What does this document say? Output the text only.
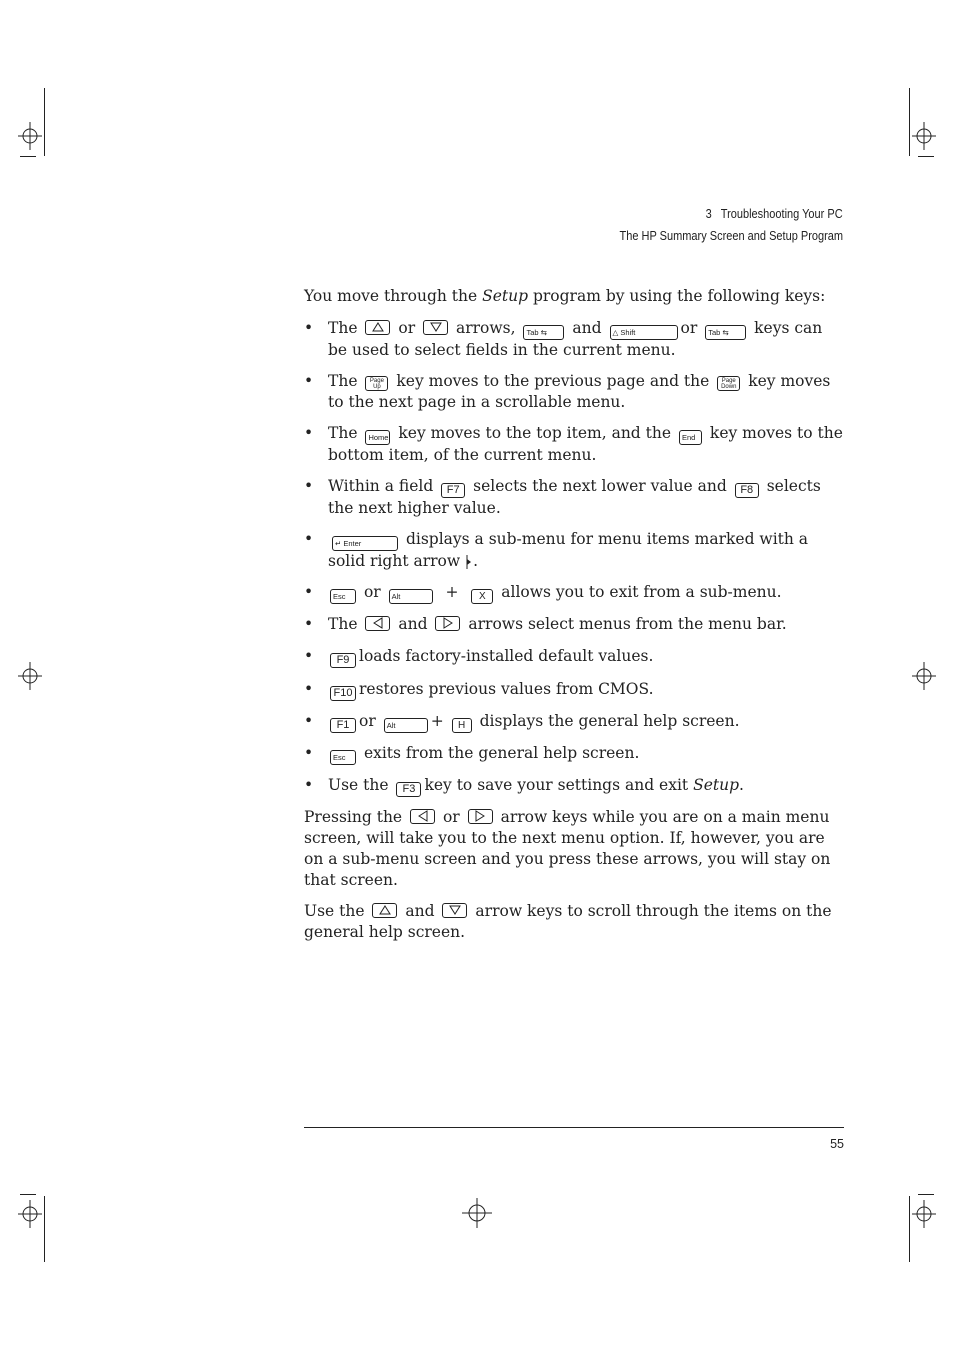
3   Troubleshooting Your PC
The HP Summary Screen and Setup Program

You move through the Setup program by using the following keys:

• The	or	arrows, Tab ⇆ and △ Shift	or Tab ⇆ keys can be used to select fields in the current menu.
• The Page Up key moves to the previous page and the Page Down key moves to the next page in a scrollable menu.
• The Home key moves to the top item, and the End key moves to the bottom item, of the current menu.
• Within a field F7 selects the next lower value and F8 selects the next higher value.
• ↵ Enter	displays a sub-menu for menu items marked with a solid right arrow .
• Esc or Alt	+ X allows you to exit from a sub-menu.
• The	and	arrows select menus from the menu bar.
• F9 loads factory-installed default values.
• F10 restores previous values from CMOS.
• F1 or Alt + H displays the general help screen.
• Esc exits from the general help screen.
• Use the F3 key to save your settings and exit Setup.

Pressing the	or	arrow keys while you are on a main menu screen, will take you to the next menu option. If, however, you are on a sub-menu screen and you press these arrows, you will stay on that screen.

Use the	and	arrow keys to scroll through the items on the general help screen.

55
